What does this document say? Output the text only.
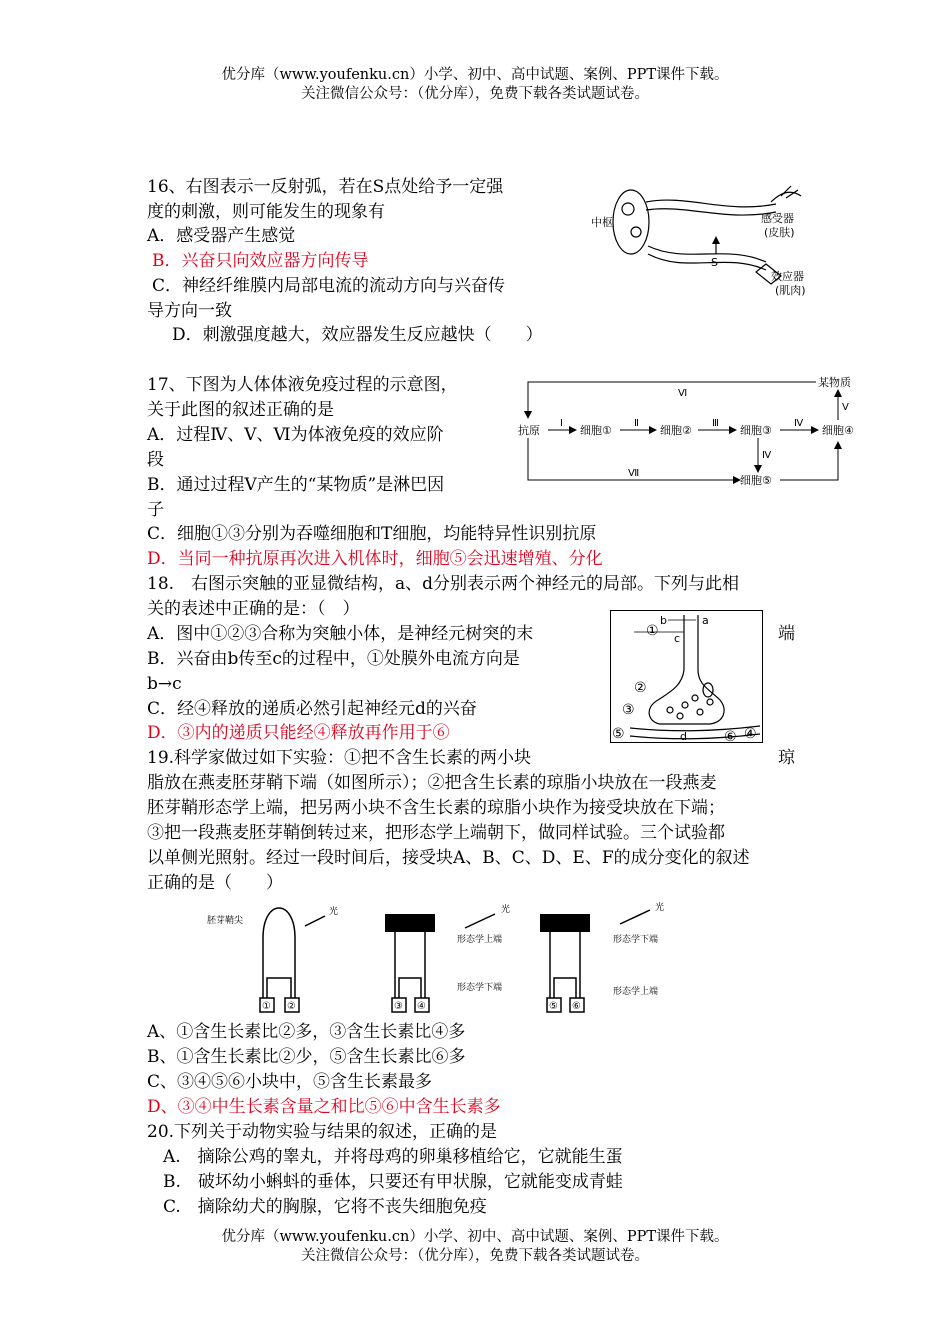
优分库（www.youfenku.cn）小学、初中、高中试题、案例、PPT课件下载。
关注微信公众号：（优分库），免费下载各类试题试卷。
16、右图表示一反射弧，若在S点处给予一定强
度的刺激，则可能发生的现象有
A．感受器产生感觉
B．兴奋只向效应器方向传导
C．神经纤维膜内局部电流的流动方向与兴奋传
导方向一致
D．刺激强度越大，效应器发生反应越快（　　）
中枢	感受器
(皮肤)
效应器
(肌肉)
S
17、下图为人体体液免疫过程的示意图，
关于此图的叙述正确的是
A．过程Ⅳ、Ⅴ、Ⅵ为体液免疫的效应阶
段
B．通过过程Ⅴ产生的“某物质”是淋巴因
子
C．细胞①③分别为吞噬细胞和T细胞，均能特异性识别抗原
D．当同一种抗原再次进入机体时，细胞⑤会迅速增殖、分化
抗原	细胞①	细胞②	细胞③	细胞④
细胞⑤
某物质
Ⅰ	Ⅱ	Ⅲ	Ⅳ
Ⅳ
Ⅴ
Ⅵ
Ⅶ
18.　右图示突触的亚显微结构，a、d分别表示两个神经元的局部。下列与此相
关的表述中正确的是：（　）
A．图中①②③合称为突触小体，是神经元树突的末	端
B．兴奋由b传至c的过程中，①处膜外电流方向是
b→c
C．经④释放的递质必然引起神经元d的兴奋
D．③内的递质只能经④释放再作用于⑥
①
②
③
④
⑤	⑥
a
b
c
d
19.科学家做过如下实验：①把不含生长素的两小块	琼
脂放在燕麦胚芽鞘下端（如图所示）；②把含生长素的琼脂小块放在一段燕麦
胚芽鞘形态学上端，把另两小块不含生长素的琼脂小块作为接受块放在下端；
③把一段燕麦胚芽鞘倒转过来，把形态学上端朝下，做同样试验。三个试验都
以单侧光照射。经过一段时间后，接受块A、B、C、D、E、F的成分变化的叙述
正确的是（　　）
胚芽鞘尖
光
① ②
光
形态学上端
形态学下端
③ ④
光
形态学下端
形态学上端
⑤ ⑥
A、①含生长素比②多，③含生长素比④多
B、①含生长素比②少，⑤含生长素比⑥多
C、③④⑤⑥小块中，⑤含生长素最多
D、③④中生长素含量之和比⑤⑥中含生长素多
20.下列关于动物实验与结果的叙述，正确的是
A.　摘除公鸡的睾丸，并将母鸡的卵巢移植给它，它就能生蛋
B.　破坏幼小蝌蚪的垂体，只要还有甲状腺，它就能变成青蛙
C.　摘除幼犬的胸腺，它将不丧失细胞免疫
优分库（www.youfenku.cn）小学、初中、高中试题、案例、PPT课件下载。
关注微信公众号：（优分库），免费下载各类试题试卷。
